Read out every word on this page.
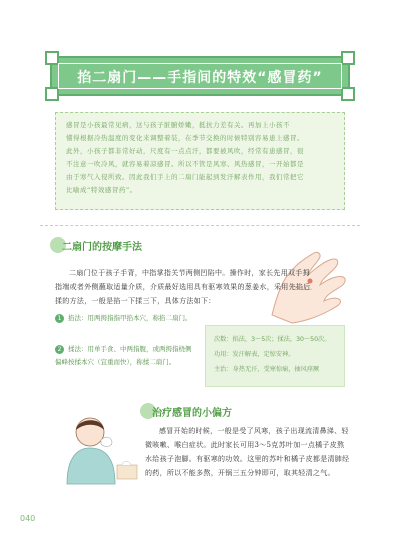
掐二扇门——手指间的特效“感冒药”

感冒是小孩最常见病，这与孩子脏腑娇嫩，抵抗力差有关。再加上小孩不

懂得根据冷热温度的变化来调整着装，在季节交换的时候特别容易患上感冒。

此外，小孩子都非常好动，尺度有一点点汗，都要被风吹，经常有患感冒，很

不注意一吹冷风，就容易着凉感冒。所以不管是风寒、风热感冒，一开始都是

由于寒气入侵所致。因此我们手上的二扇门能起到发汗解表作用，我们常把它

比喻成“特效感冒药”。

二扇门的按摩手法

二扇门位于孩子手背，中指掌指关节两侧凹陷中。操作时，家长先用双手拇指端或者外侧蘸取适量介质，介质最好选用具有驱寒效果的葱姜水，采用先掐后揉的方法，一般是掐一下揉三下，具体方法如下：

1 掐法：用两拇指指甲掐本穴，称掐二扇门。
2 揉法：用单手食、中两指腹，或两拇指桡侧偏峰按揉本穴（宜重而快），称揉二扇门。
次数：掐法，3～5次；揉法，30～50次。
功用：发汗解表，定惊安神。
主治：身热无汗，受寒惊痫，抽风痉厥
治疗感冒的小偏方

感冒开始的时候，一般是受了风寒，孩子出现流清鼻涕、轻微咳嗽、喉白症状。此时家长可用3～5克苏叶加一点橘子皮熬水给孩子泡脚。有驱寒的功效。这里的苏叶和橘子皮都是清肺经的药，所以不能多熬，开锅三五分钟即可，取其轻清之气。

040
